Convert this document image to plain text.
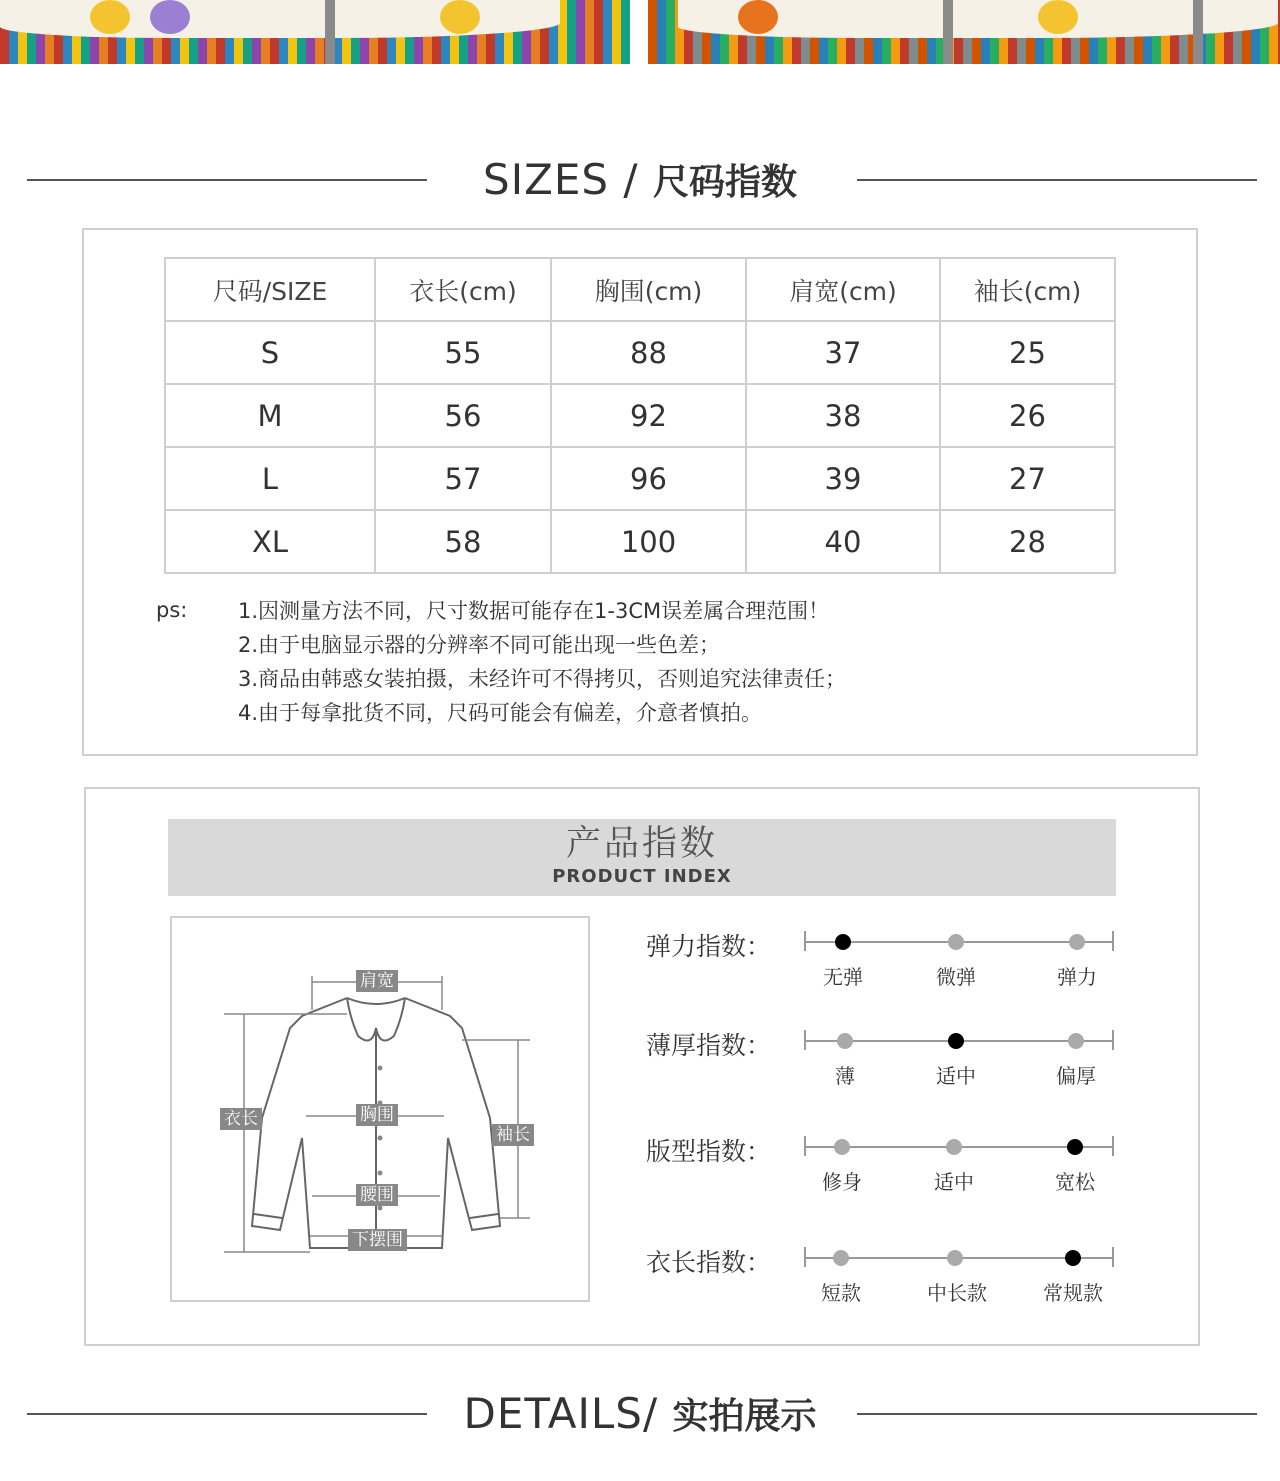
SIZES / 尺码指数
尺码/SIZE	衣长(cm)	胸围(cm)	肩宽(cm)	袖长(cm)
S	55	88	37	25
M	56	92	38	26
L	57	96	39	27
XL	58	100	40	28
ps: 1.因测量方法不同，尺寸数据可能存在1-3CM误差属合理范围！
2.由于电脑显示器的分辨率不同可能出现一些色差；
3.商品由韩惑女装拍摄，未经许可不得拷贝，否则追究法律责任；
4.由于每拿批货不同，尺码可能会有偏差，介意者慎拍。
产品指数
PRODUCT INDEX
肩宽
衣长	胸围
袖长
腰围
下摆围
弹力指数：
无弹	微弹	弹力
薄厚指数：
薄	适中	偏厚
版型指数：
修身	适中	宽松
衣长指数：
短款	中长款	常规款
DETAILS/ 实拍展示
